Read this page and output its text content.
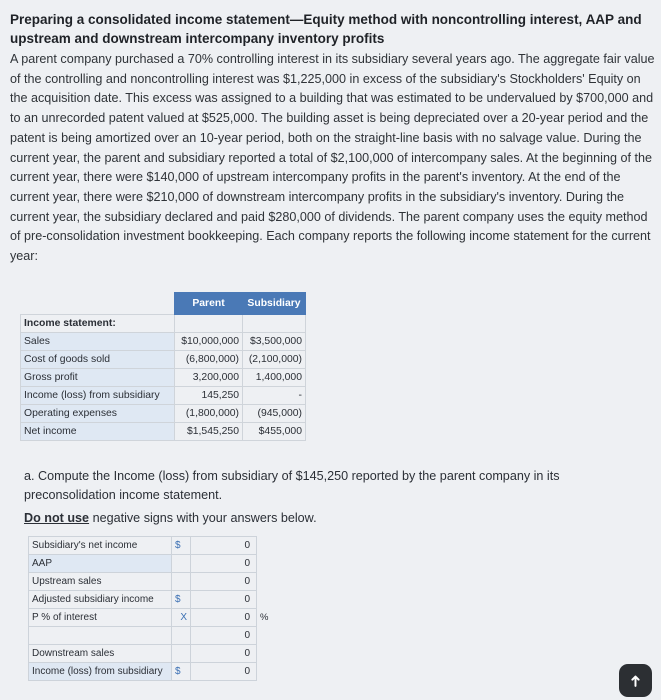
Preparing a consolidated income statement—Equity method with noncontrolling interest, AAP and upstream and downstream intercompany inventory profits
A parent company purchased a 70% controlling interest in its subsidiary several years ago. The aggregate fair value of the controlling and noncontrolling interest was $1,225,000 in excess of the subsidiary's Stockholders' Equity on the acquisition date. This excess was assigned to a building that was estimated to be undervalued by $700,000 and to an unrecorded patent valued at $525,000. The building asset is being depreciated over a 20-year period and the patent is being amortized over an 10-year period, both on the straight-line basis with no salvage value. During the current year, the parent and subsidiary reported a total of $2,100,000 of intercompany sales. At the beginning of the current year, there were $140,000 of upstream intercompany profits in the parent's inventory. At the end of the current year, there were $210,000 of downstream intercompany profits in the subsidiary's inventory. During the current year, the subsidiary declared and paid $280,000 of dividends. The parent company uses the equity method of pre-consolidation investment bookkeeping. Each company reports the following income statement for the current year:
	Parent	Subsidiary
Income statement:		
Sales	$10,000,000	$3,500,000
Cost of goods sold	(6,800,000)	(2,100,000)
Gross profit	3,200,000	1,400,000
Income (loss) from subsidiary	145,250	-
Operating expenses	(1,800,000)	(945,000)
Net income	$1,545,250	$455,000
a. Compute the Income (loss) from subsidiary of $145,250 reported by the parent company in its preconsolidation income statement.
Do not use negative signs with your answers below.
Subsidiary's net income	$	0	
AAP		0	
Upstream sales		0	
Adjusted subsidiary income	$	0	
P % of interest	X	0	%
		0	
Downstream sales		0	
Income (loss) from subsidiary	$	0	
➜
